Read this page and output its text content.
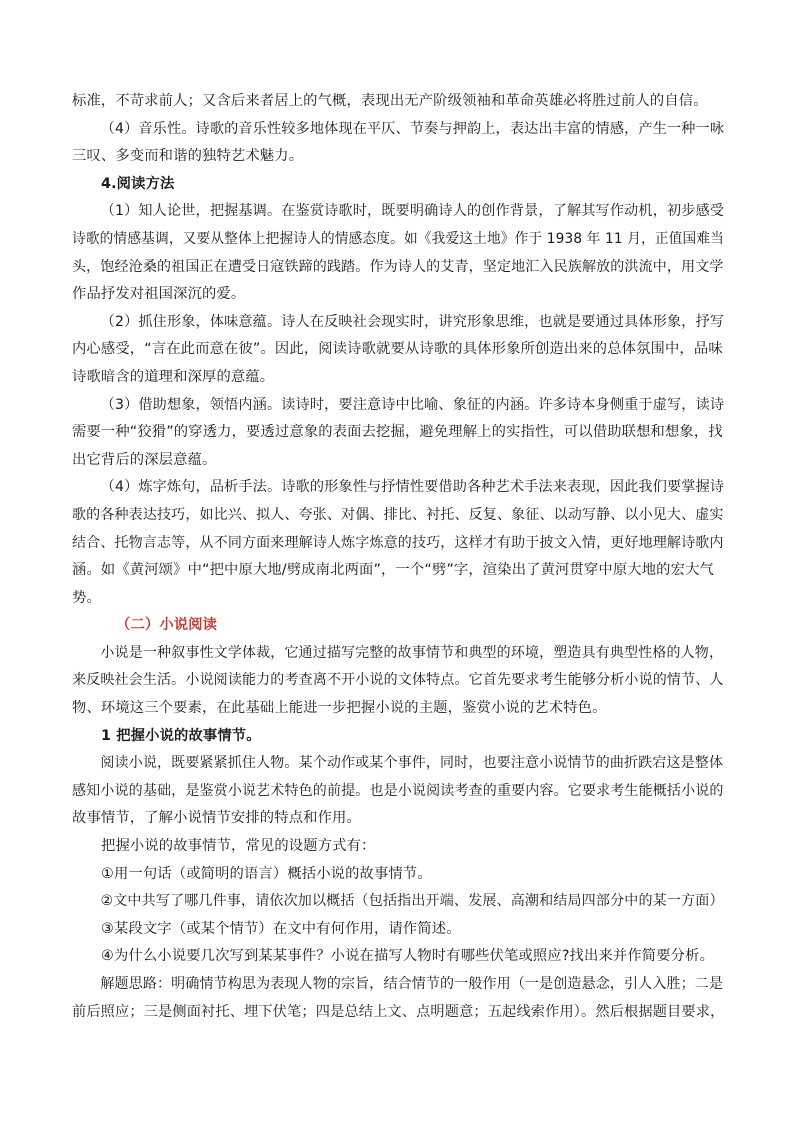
标准，不苛求前人；又含后来者居上的气概，表现出无产阶级领袖和革命英雄必将胜过前人的自信。
（4）音乐性。诗歌的音乐性较多地体现在平仄、节奏与押韵上，表达出丰富的情感，产生一种一咏
三叹、多变而和谐的独特艺术魅力。
4.阅读方法
（1）知人论世，把握基调。在鉴赏诗歌时，既要明确诗人的创作背景，了解其写作动机，初步感受
诗歌的情感基调，又要从整体上把握诗人的情感态度。如《我爱这土地》作于 1938 年 11 月，正值国难当
头，饱经沧桑的祖国正在遭受日寇铁蹄的践踏。作为诗人的艾青，坚定地汇入民族解放的洪流中，用文学
作品抒发对祖国深沉的爱。
（2）抓住形象，体味意蕴。诗人在反映社会现实时，讲究形象思维，也就是要通过具体形象，抒写
内心感受，“言在此而意在彼”。因此，阅读诗歌就要从诗歌的具体形象所创造出来的总体氛围中，品味
诗歌暗含的道理和深厚的意蕴。
（3）借助想象，领悟内涵。读诗时，要注意诗中比喻、象征的内涵。许多诗本身侧重于虚写，读诗
需要一种“狡猾”的穿透力，要透过意象的表面去挖掘，避免理解上的实指性，可以借助联想和想象，找
出它背后的深层意蕴。
（4）炼字炼句，品析手法。诗歌的形象性与抒情性要借助各种艺术手法来表现，因此我们要掌握诗
歌的各种表达技巧，如比兴、拟人、夸张、对偶、排比、衬托、反复、象征、以动写静、以小见大、虚实
结合、托物言志等，从不同方面来理解诗人炼字炼意的技巧，这样才有助于披文入情，更好地理解诗歌内
涵。如《黄河颂》中“把中原大地/劈成南北两面”，一个“劈”字，渲染出了黄河贯穿中原大地的宏大气
势。
（二）小说阅读
小说是一种叙事性文学体裁，它通过描写完整的故事情节和典型的环境，塑造具有典型性格的人物，
来反映社会生活。小说阅读能力的考查离不开小说的文体特点。它首先要求考生能够分析小说的情节、人
物、环境这三个要素，在此基础上能进一步把握小说的主题，鉴赏小说的艺术特色。
1 把握小说的故事情节。
阅读小说，既要紧紧抓住人物。某个动作或某个事件，同时，也要注意小说情节的曲折跌宕这是整体
感知小说的基础，是鉴赏小说艺术特色的前提。也是小说阅读考查的重要内容。它要求考生能概括小说的
故事情节，了解小说情节安排的特点和作用。
把握小说的故事情节，常见的设题方式有：
①用一句话（或简明的语言）概括小说的故事情节。
②文中共写了哪几件事，请依次加以概括（包括指出开端、发展、高潮和结局四部分中的某一方面）
③某段文字（或某个情节）在文中有何作用，请作简述。
④为什么小说要几次写到某某事件？小说在描写人物时有哪些伏笔或照应?找出来并作简要分析。
解题思路：明确情节构思为表现人物的宗旨，结合情节的一般作用（一是创造悬念，引人入胜；二是
前后照应；三是侧面衬托、埋下伏笔；四是总结上文、点明题意；五起线索作用）。然后根据题目要求，
